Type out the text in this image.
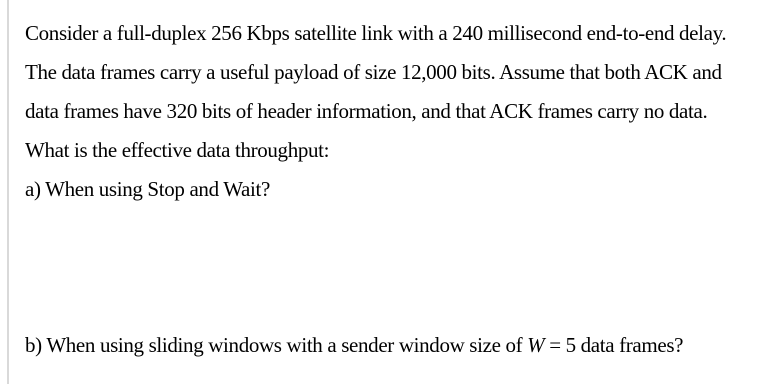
Consider a full-duplex 256 Kbps satellite link with a 240 millisecond end-to-end delay.
The data frames carry a useful payload of size 12,000 bits. Assume that both ACK and
data frames have 320 bits of header information, and that ACK frames carry no data.
What is the effective data throughput:
a) When using Stop and Wait?
b) When using sliding windows with a sender window size of W = 5 data frames?
